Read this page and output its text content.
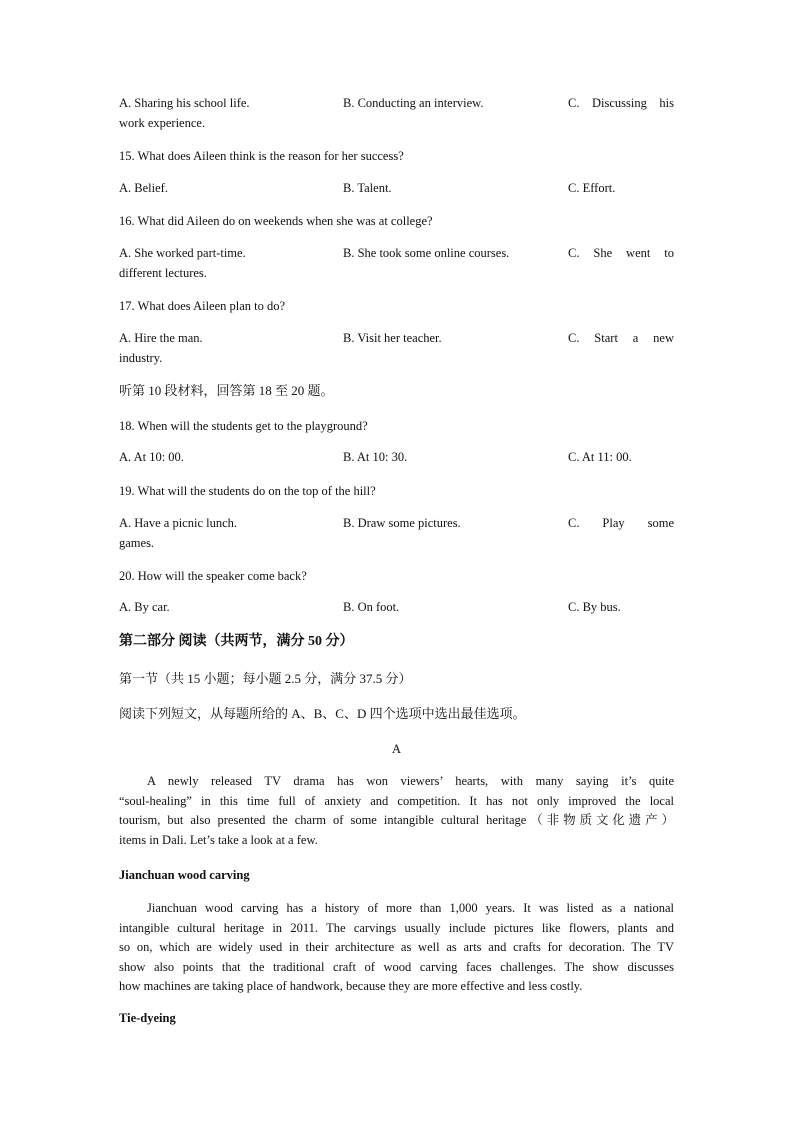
A. Sharing his school life.	B. Conducting an interview.	C. Discussing his
work experience.
15. What does Aileen think is the reason for her success?
A. Belief.	B. Talent.	C. Effort.
16. What did Aileen do on weekends when she was at college?
A. She worked part-time.	B. She took some online courses.	C. She went to
different lectures.
17. What does Aileen plan to do?
A. Hire the man.	B. Visit her teacher.	C. Start a new
industry.
听第 10 段材料，回答第 18 至 20 题。
18. When will the students get to the playground?
A. At 10: 00.	B. At 10: 30.	C. At 11: 00.
19. What will the students do on the top of the hill?
A. Have a picnic lunch.	B. Draw some pictures.	C. Play some
games.
20. How will the speaker come back?
A. By car.	B. On foot.	C. By bus.
第二部分 阅读（共两节，满分 50 分）
第一节（共 15 小题；每小题 2.5 分，满分 37.5 分）
阅读下列短文，从每题所给的 A、B、C、D 四个选项中选出最佳选项。
A
A newly released TV drama has won viewers’ hearts, with many saying it’s quite
“soul-healing” in this time full of anxiety and competition. It has not only improved the local
tourism, but also presented the charm of some intangible cultural heritage（非物质文化遗产）
items in Dali. Let’s take a look at a few.
Jianchuan wood carving
Jianchuan wood carving has a history of more than 1,000 years. It was listed as a national
intangible cultural heritage in 2011. The carvings usually include pictures like flowers, plants and
so on, which are widely used in their architecture as well as arts and crafts for decoration. The TV
show also points that the traditional craft of wood carving faces challenges. The show discusses
how machines are taking place of handwork, because they are more effective and less costly.
Tie-dyeing
